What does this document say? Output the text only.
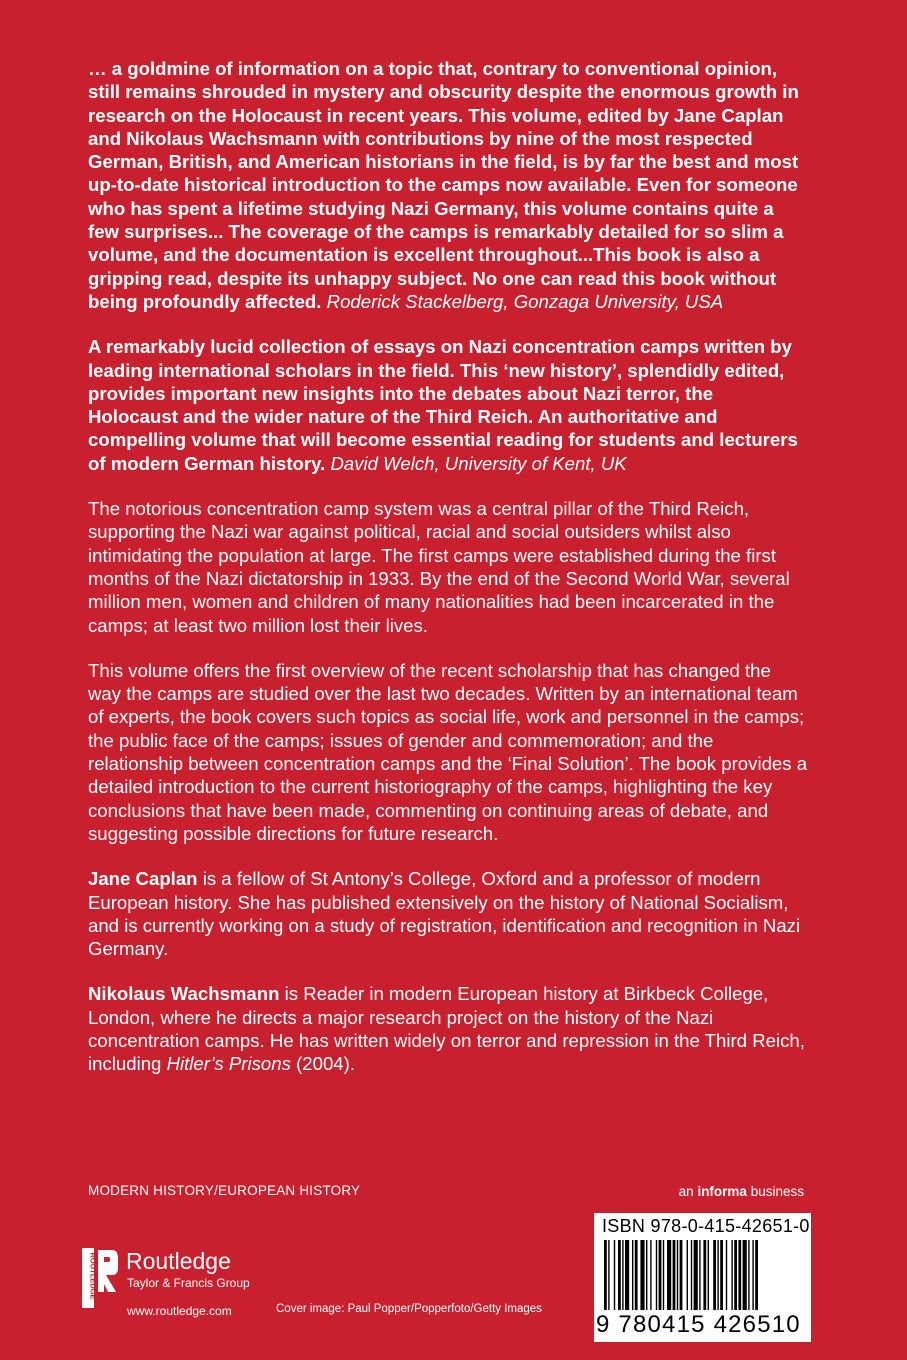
… a goldmine of information on a topic that, contrary to conventional opinion, still remains shrouded in mystery and obscurity despite the enormous growth in research on the Holocaust in recent years. This volume, edited by Jane Caplan and Nikolaus Wachsmann with contributions by nine of the most respected German, British, and American historians in the field, is by far the best and most up-to-date historical introduction to the camps now available. Even for someone who has spent a lifetime studying Nazi Germany, this volume contains quite a few surprises... The coverage of the camps is remarkably detailed for so slim a volume, and the documentation is excellent throughout...This book is also a gripping read, despite its unhappy subject. No one can read this book without being profoundly affected. Roderick Stackelberg, Gonzaga University, USA

A remarkably lucid collection of essays on Nazi concentration camps written by leading international scholars in the field. This ‘new history’, splendidly edited, provides important new insights into the debates about Nazi terror, the Holocaust and the wider nature of the Third Reich. An authoritative and compelling volume that will become essential reading for students and lecturers of modern German history. David Welch, University of Kent, UK

The notorious concentration camp system was a central pillar of the Third Reich, supporting the Nazi war against political, racial and social outsiders whilst also intimidating the population at large. The first camps were established during the first months of the Nazi dictatorship in 1933. By the end of the Second World War, several million men, women and children of many nationalities had been incarcerated in the camps; at least two million lost their lives.

This volume offers the first overview of the recent scholarship that has changed the way the camps are studied over the last two decades. Written by an international team of experts, the book covers such topics as social life, work and personnel in the camps; the public face of the camps; issues of gender and commemoration; and the relationship between concentration camps and the ‘Final Solution’. The book provides a detailed introduction to the current historiography of the camps, highlighting the key conclusions that have been made, commenting on continuing areas of debate, and suggesting possible directions for future research.

Jane Caplan is a fellow of St Antony’s College, Oxford and a professor of modern European history. She has published extensively on the history of National Socialism, and is currently working on a study of registration, identification and recognition in Nazi Germany.

Nikolaus Wachsmann is Reader in modern European history at Birkbeck College, London, where he directs a major research project on the history of the Nazi concentration camps. He has written widely on terror and repression in the Third Reich, including Hitler’s Prisons (2004).

MODERN HISTORY/EUROPEAN HISTORY	an informa business
ROUTLEDGE Routledge
Taylor & Francis Group
www.routledge.com	Cover image: Paul Popper/Popperfoto/Getty Images
ISBN 978-0-415-42651-0
9 780415 426510
